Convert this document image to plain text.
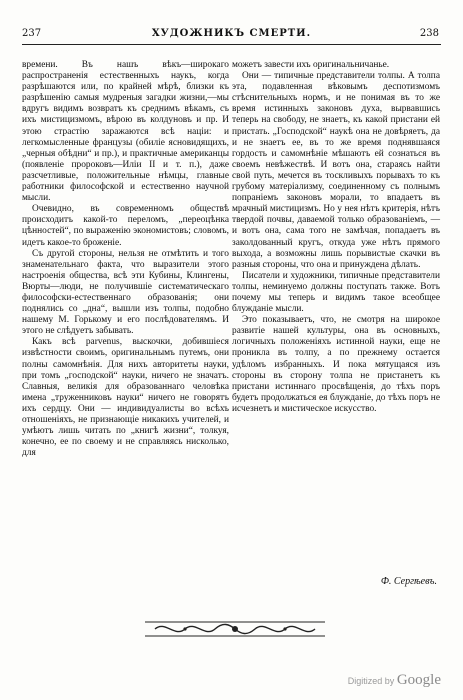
237	ХУДОЖНИКЪ СМЕРТИ.	238

времени. Въ нашъ вѣкъ—широкаго распространенія естественныхъ наукъ, когда разрѣшаются или, по крайней мѣрѣ, близки къ разрѣшенію самыя мудреныя загадки жизни,—мы вдругъ видимъ возвратъ къ среднимъ вѣкамъ, съ ихъ мистицизмомъ, вѣрою въ колдуновъ и пр. И этою страстію заражаются всѣ націи: и легкомысленные французы (обиліе ясновидящихъ, „черныя обѣдни“ и пр.), и практичные американцы (появленіе пророковъ—Иліи II и т. п.), даже разсчетливые, положительные нѣмцы, главные работники философской и естественно научной мысли.

Очевидно, въ современномъ обществѣ происходитъ какой-то переломъ, „переоцѣнка цѣнностей“, по выраженію экономистовъ; словомъ, идетъ какое-то броженіе.

Съ другой стороны, нельзя не отмѣтить и того знаменательнаго факта, что выразители этого настроенія общества, всѣ эти Кубины, Клингены, Вюрты—люди, не получившіе систематическаго философски-естественнаго образованія; они поднялись со „дна“, вышли изъ толпы, подобно нашему М. Горькому и его послѣдователямъ. И этого не слѣдуетъ забывать.

Какъ всѣ parvenus, выскочки, добившіеся извѣстности своимъ, оригинальнымъ путемъ, они полны самомнѣнія. Для нихъ авторитеты науки, при томъ „господской“ науки, ничего не значатъ. Славныя, великія для образованнаго человѣка имена „труженниковъ науки“ ничего не говорятъ ихъ сердцу. Они — индивидуалисты во всѣхъ отношеніяхъ, не признающіе никакихъ учителей, и умѣютъ лишь читать по „книгѣ жизни“, толкуя, конечно, ее по своему и не справляясь нисколько, для

можетъ завести ихъ оригинальничанье.

Они — типичные представители толпы. А толпа эта, подавленная вѣковымъ деспотизмомъ стѣснительныхъ нормъ, и не понимая въ то же время истинныхъ законовъ духа, вырвавшись теперь на свободу, не знаетъ, къ какой пристани ей пристать. „Господской“ наукѣ она не довѣряетъ, да и не знаетъ ее, въ то же время поднявшаяся гордость и самомнѣніе мѣшаютъ ей сознаться въ своемъ невѣжествѣ. И вотъ она, стараясь найти свой путь, мечется въ тоскливыхъ порывахъ то къ грубому матеріализму, соединенному съ полнымъ попраніемъ законовъ морали, то впадаетъ въ мрачный мистицизмъ. Но у нея нѣтъ критерія, нѣтъ твердой почвы, даваемой только образованіемъ, — и вотъ она, сама того не замѣчая, попадаетъ въ заколдованный кругъ, откуда уже нѣтъ прямого выхода, а возможны лишь порывистые скачки въ разныя стороны, что она и принуждена дѣлать.

Писатели и художники, типичные представители толпы, неминуемо должны поступать также. Вотъ почему мы теперь и видимъ такое всеобщее блужданіе мысли.

Это показываетъ, что, не смотря на широкое развитіе нашей культуры, она въ основныхъ, логичныхъ положеніяхъ истинной науки, еще не проникла въ толпу, а по прежнему остается удѣломъ избранныхъ. И пока мятущаяся изъ стороны въ сторону толпа не пристанетъ къ пристани истиннаго просвѣщенія, до тѣхъ поръ будетъ продолжаться ея блужданіе, до тѣхъ поръ не исчезнетъ и мистическое искусство.

Ф. Сергѣевъ.
Digitized by Google
